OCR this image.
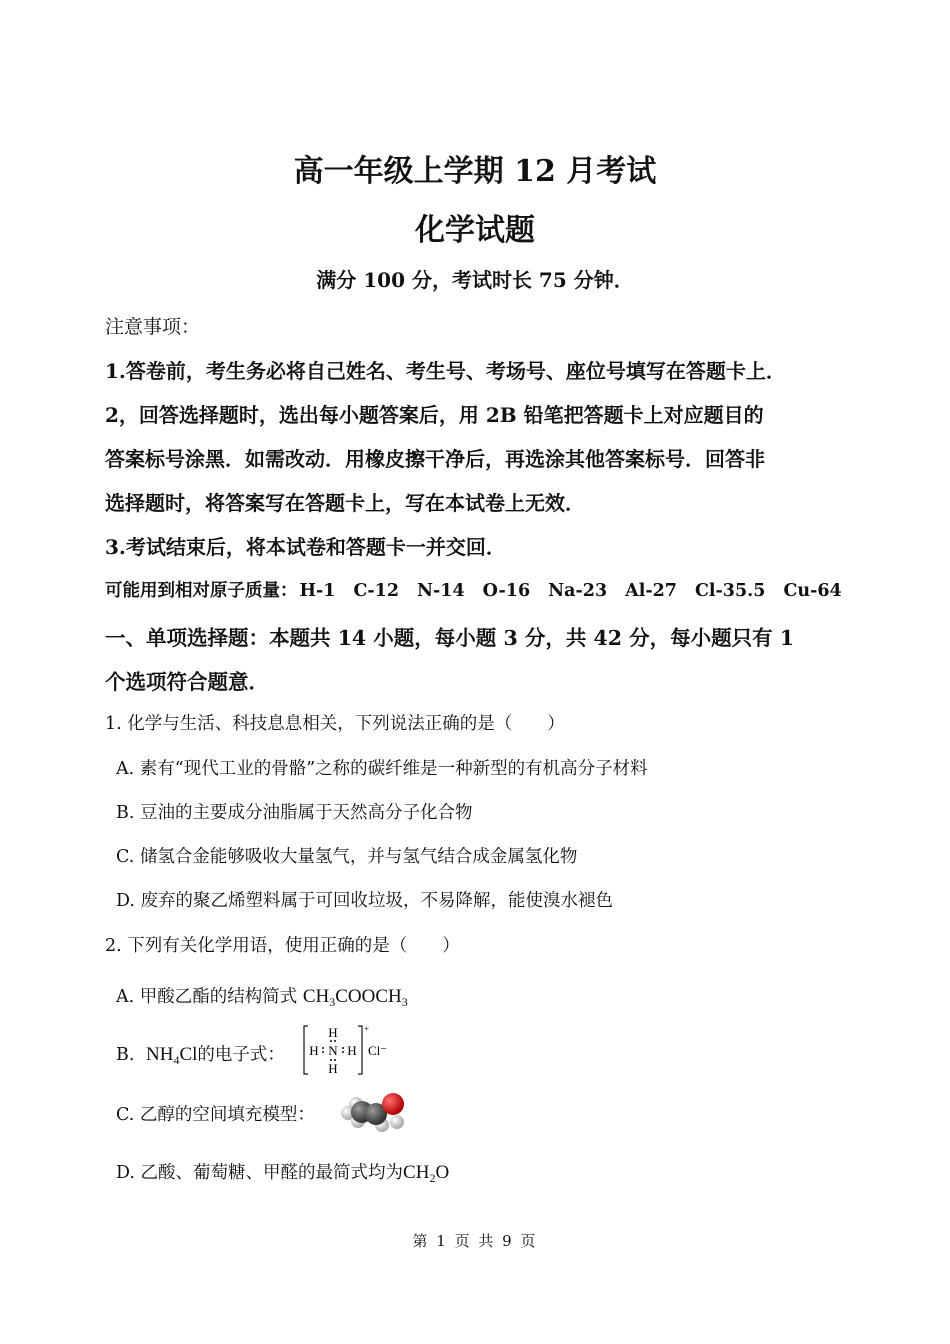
高一年级上学期 12 月考试
化学试题
满分 100 分，考试时长 75 分钟．
注意事项：
1.答卷前，考生务必将自己姓名、考生号、考场号、座位号填写在答题卡上．
2，回答选择题时，选出每小题答案后，用 2B 铅笔把答题卡上对应题目的
答案标号涂黑．如需改动．用橡皮擦干净后，再选涂其他答案标号．回答非
选择题时，将答案写在答题卡上，写在本试卷上无效．
3.考试结束后，将本试卷和答题卡一并交回．
可能用到相对原子质量： H-1 C-12 N-14 O-16 Na-23 Al-27 Cl-35.5 Cu-64
一、单项选择题：本题共 14 小题，每小题 3 分，共 42 分，每小题只有 1
个选项符合题意．
1. 化学与生活、科技息息相关，下列说法正确的是（　　）
A. 素有“现代工业的骨骼”之称的碳纤维是一种新型的有机高分子材料
B. 豆油的主要成分油脂属于天然高分子化合物
C. 储氢合金能够吸收大量氢气，并与氢气结合成金属氢化物
D. 废弃的聚乙烯塑料属于可回收垃圾，不易降解，能使溴水褪色
2. 下列有关化学用语，使用正确的是（　　）
A. 甲酸乙酯的结构简式 $CH_3COOCH_3$
B. $NH_4Cl$的电子式：
H
H N H
H
+
Cl⁻
C. 乙醇的空间填充模型：
D. 乙酸、葡萄糖、甲醛的最简式均为$CH_2O$
第 1 页 共 9 页
